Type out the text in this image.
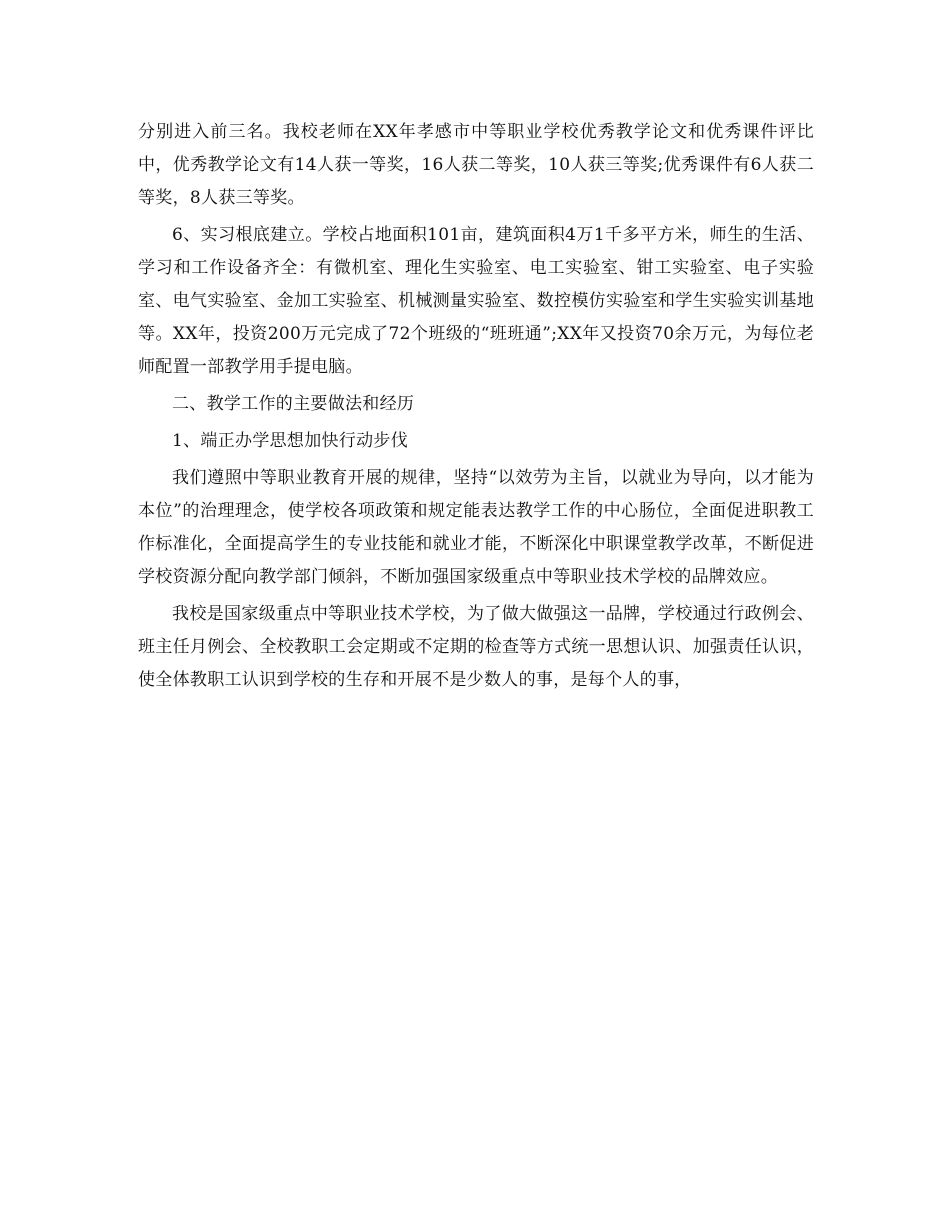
分别进入前三名。我校老师在XX年孝感市中等职业学校优秀教学论文和优秀课件评比中，优秀教学论文有14人获一等奖，16人获二等奖，10人获三等奖;优秀课件有6人获二等奖，8人获三等奖。

6、实习根底建立。学校占地面积101亩，建筑面积4万1千多平方米，师生的生活、学习和工作设备齐全：有微机室、理化生实验室、电工实验室、钳工实验室、电子实验室、电气实验室、金加工实验室、机械测量实验室、数控模仿实验室和学生实验实训基地等。XX年，投资200万元完成了72个班级的“班班通”;XX年又投资70余万元，为每位老师配置一部教学用手提电脑。

二、教学工作的主要做法和经历

1、端正办学思想加快行动步伐

我们遵照中等职业教育开展的规律，坚持“以效劳为主旨，以就业为导向，以才能为本位”的治理理念，使学校各项政策和规定能表达教学工作的中心肠位，全面促进职教工作标准化，全面提高学生的专业技能和就业才能，不断深化中职课堂教学改革，不断促进学校资源分配向教学部门倾斜，不断加强国家级重点中等职业技术学校的品牌效应。

我校是国家级重点中等职业技术学校，为了做大做强这一品牌，学校通过行政例会、班主任月例会、全校教职工会定期或不定期的检查等方式统一思想认识、加强责任认识，使全体教职工认识到学校的生存和开展不是少数人的事，是每个人的事，
